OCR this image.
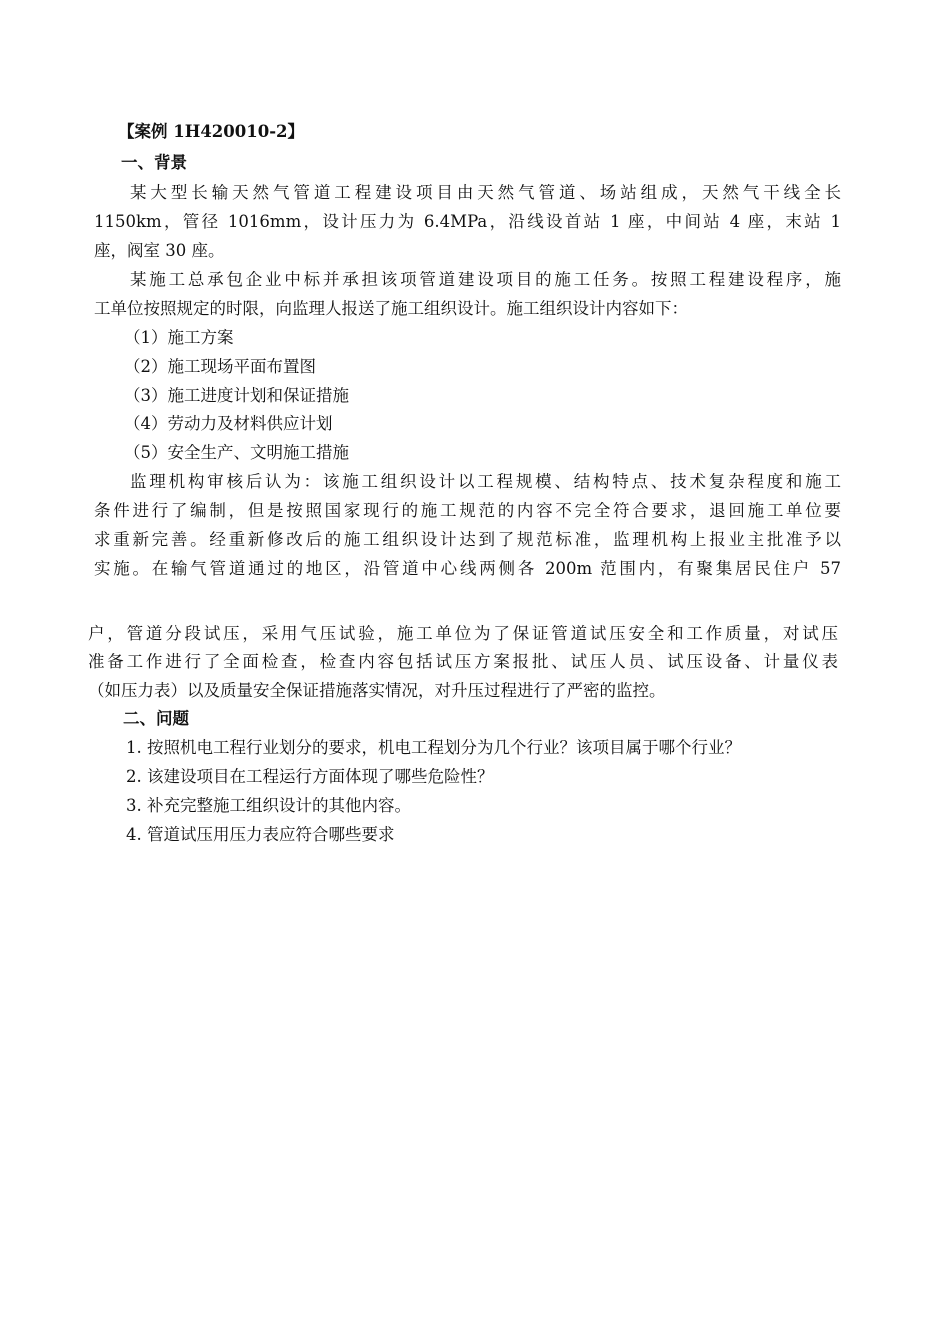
【案例 1H420010-2】
一、背景
某大型长输天然气管道工程建设项目由天然气管道、场站组成，天然气干线全长
1150km，管径 1016mm，设计压力为 6.4MPa，沿线设首站 1 座，中间站 4 座，末站 1
座，阀室 30 座。
某施工总承包企业中标并承担该项管道建设项目的施工任务。按照工程建设程序，施
工单位按照规定的时限，向监理人报送了施工组织设计。施工组织设计内容如下：
（1）施工方案
（2）施工现场平面布置图
（3）施工进度计划和保证措施
（4）劳动力及材料供应计划
（5）安全生产、文明施工措施
监理机构审核后认为：该施工组织设计以工程规模、结构特点、技术复杂程度和施工
条件进行了编制，但是按照国家现行的施工规范的内容不完全符合要求，退回施工单位要
求重新完善。经重新修改后的施工组织设计达到了规范标准，监理机构上报业主批准予以
实施。在输气管道通过的地区，沿管道中心线两侧各 200m 范围内，有聚集居民住户 57
户，管道分段试压，采用气压试验，施工单位为了保证管道试压安全和工作质量，对试压
准备工作进行了全面检查，检查内容包括试压方案报批、试压人员、试压设备、计量仪表
（如压力表）以及质量安全保证措施落实情况，对升压过程进行了严密的监控。
二、问题
1. 按照机电工程行业划分的要求，机电工程划分为几个行业？该项目属于哪个行业？
2. 该建设项目在工程运行方面体现了哪些危险性？
3. 补充完整施工组织设计的其他内容。
4. 管道试压用压力表应符合哪些要求
